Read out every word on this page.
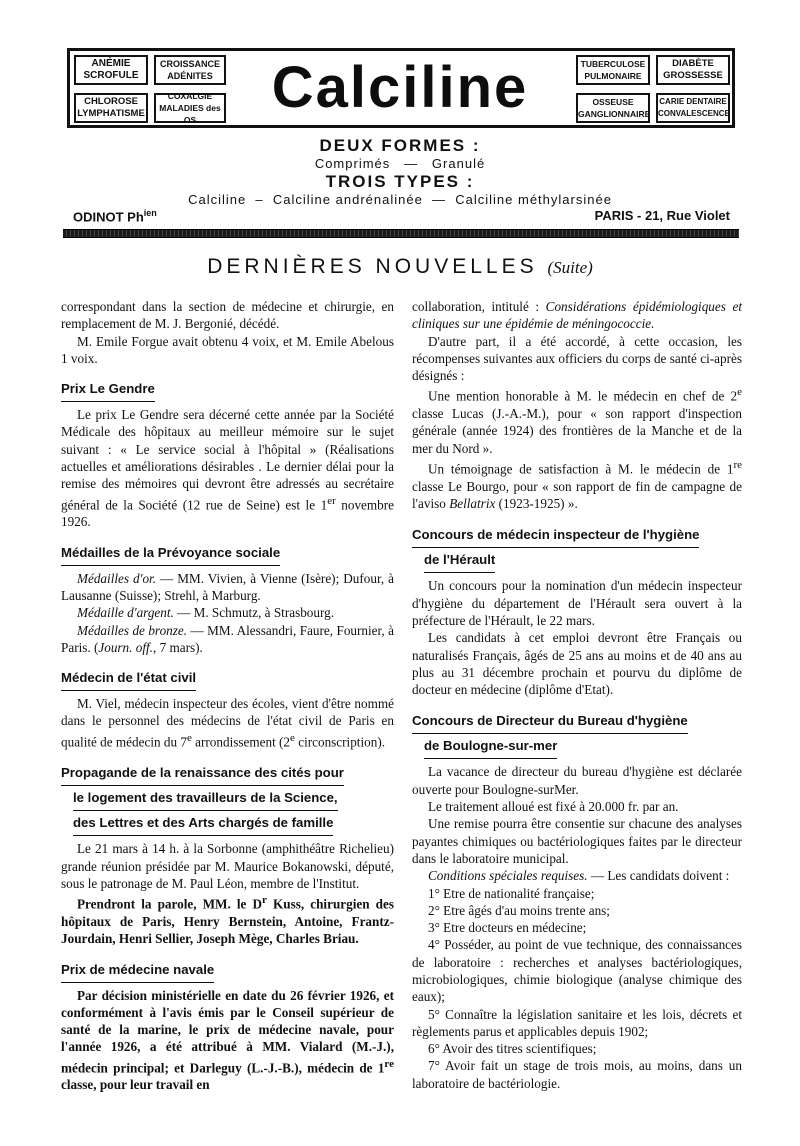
ANÉMIE
SCROFULE
CROISSANCE
ADÉNITES
CHLOROSE
LYMPHATISME
COXALGIE
MALADIES des OS	Calciline	TUBERCULOSE
PULMONAIRE
DIABÈTE
GROSSESSE
OSSEUSE
GANGLIONNAIRE
CARIE DENTAIRE
CONVALESCENCE
DEUX FORMES :
Comprimés   —   Granulé
TROIS TYPES :
Calciline  –  Calciline andrénalinée  —  Calciline méthylarsinée
ODINOT $Ph^{ien}$	PARIS - 21, Rue Violet
DERNIÈRES NOUVELLES (Suite)

correspondant dans la section de médecine et chirurgie, en remplacement de M. J. Bergonié, décédé.

M. Emile Forgue avait obtenu 4 voix, et M. Emile Abelous 1 voix.

Prix Le Gendre

Le prix Le Gendre sera décerné cette année par la Société Médicale des hôpitaux au meilleur mémoire sur le sujet suivant : « Le service social à l'hôpital » (Réalisations actuelles et améliorations désirables . Le dernier délai pour la remise des mémoires qui devront être adressés au secrétaire général de la Société (12 rue de Seine) est le 1er novembre 1926.

Médailles de la Prévoyance sociale

Médailles d'or. — MM. Vivien, à Vienne (Isère); Dufour, à Lausanne (Suisse); Strehl, à Marburg.

Médaille d'argent. — M. Schmutz, à Strasbourg.

Médailles de bronze. — MM. Alessandri, Faure, Fournier, à Paris. (Journ. off., 7 mars).

Médecin de l'état civil

M. Viel, médecin inspecteur des écoles, vient d'être nommé dans le personnel des médecins de l'état civil de Paris en qualité de médecin du 7e arrondissement (2e circonscription).

Propagande de la renaissance des cités pour
le logement des travailleurs de la Science,
des Lettres et des Arts chargés de famille

Le 21 mars à 14 h. à la Sorbonne (amphithéâtre Richelieu) grande réunion présidée par M. Maurice Bokanowski, député, sous le patronage de M. Paul Léon, membre de l'Institut.

Prendront la parole, MM. le $D^r$ Kuss, chirurgien des hôpitaux de Paris, Henry Bernstein, Antoine, Frantz-Jourdain, Henri Sellier, Joseph Mège, Charles Briau.

Prix de médecine navale

Par décision ministérielle en date du 26 février 1926, et conformément à l'avis émis par le Conseil supérieur de santé de la marine, le prix de médecine navale, pour l'année 1926, a été attribué à MM. Vialard (M.-J.), médecin principal; et Darleguy (L.-J.-B.), médecin de 1re classe, pour leur travail en

collaboration, intitulé : Considérations épidémiologiques et cliniques sur une épidémie de méningococcie.

D'autre part, il a été accordé, à cette occasion, les récompenses suivantes aux officiers du corps de santé ci-après désignés :

Une mention honorable à M. le médecin en chef de 2e classe Lucas (J.-A.-M.), pour « son rapport d'inspection générale (année 1924) des frontières de la Manche et de la mer du Nord ».

Un témoignage de satisfaction à M. le médecin de 1re classe Le Bourgo, pour « son rapport de fin de campagne de l'aviso Bellatrix (1923-1925) ».

Concours de médecin inspecteur de l'hygiène
de l'Hérault

Un concours pour la nomination d'un médecin inspecteur d'hygiène du département de l'Hérault sera ouvert à la préfecture de l'Hérault, le 22 mars.

Les candidats à cet emploi devront être Français ou naturalisés Français, âgés de 25 ans au moins et de 40 ans au plus au 31 décembre prochain et pourvu du diplôme de docteur en médecine (diplôme d'Etat).

Concours de Directeur du Bureau d'hygiène
de Boulogne-sur-mer

La vacance de directeur du bureau d'hygiène est déclarée ouverte pour Boulogne-surMer.

Le traitement alloué est fixé à 20.000 fr. par an.

Une remise pourra être consentie sur chacune des analyses payantes chimiques ou bactériologiques faites par le directeur dans le laboratoire municipal.

Conditions spéciales requises. — Les candidats doivent :

1° Etre de nationalité française;

2° Etre âgés d'au moins trente ans;

3° Etre docteurs en médecine;

4° Posséder, au point de vue technique, des connaissances de laboratoire : recherches et analyses bactériologiques, microbiologiques, chimie biologique (analyse chimique des eaux);

5° Connaître la législation sanitaire et les lois, décrets et règlements parus et applicables depuis 1902;

6° Avoir des titres scientifiques;

7° Avoir fait un stage de trois mois, au moins, dans un laboratoire de bactériologie.
